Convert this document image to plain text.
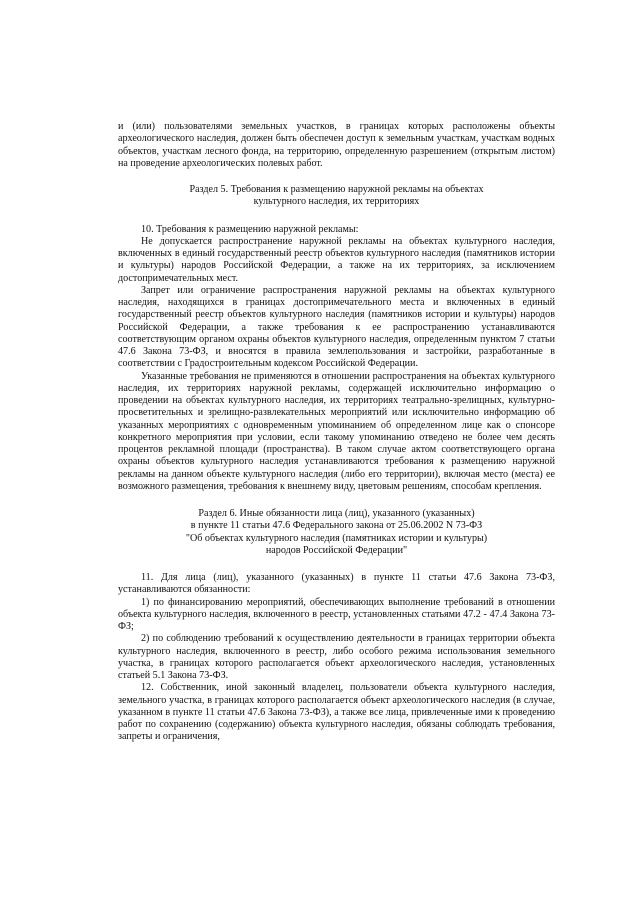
и (или) пользователями земельных участков, в границах которых расположены объекты археологического наследия, должен быть обеспечен доступ к земельным участкам, участкам водных объектов, участкам лесного фонда, на территорию, определенную разрешением (открытым листом) на проведение археологических полевых работ.

Раздел 5. Требования к размещению наружной рекламы на объектах

культурного наследия, их территориях

10. Требования к размещению наружной рекламы:

Не допускается распространение наружной рекламы на объектах культурного наследия, включенных в единый государственный реестр объектов культурного наследия (памятников истории и культуры) народов Российской Федерации, а также на их территориях, за исключением достопримечательных мест.

Запрет или ограничение распространения наружной рекламы на объектах культурного наследия, находящихся в границах достопримечательного места и включенных в единый государственный реестр объектов культурного наследия (памятников истории и культуры) народов Российской Федерации, а также требования к ее распространению устанавливаются соответствующим органом охраны объектов культурного наследия, определенным пунктом 7 статьи 47.6 Закона 73-ФЗ, и вносятся в правила землепользования и застройки, разработанные в соответствии с Градостроительным кодексом Российской Федерации.

Указанные требования не применяются в отношении распространения на объектах культурного наследия, их территориях наружной рекламы, содержащей исключительно информацию о проведении на объектах культурного наследия, их территориях театрально-зрелищных, культурно-просветительных и зрелищно-развлекательных мероприятий или исключительно информацию об указанных мероприятиях с одновременным упоминанием об определенном лице как о спонсоре конкретного мероприятия при условии, если такому упоминанию отведено не более чем десять процентов рекламной площади (пространства). В таком случае актом соответствующего органа охраны объектов культурного наследия устанавливаются требования к размещению наружной рекламы на данном объекте культурного наследия (либо его территории), включая место (места) ее возможного размещения, требования к внешнему виду, цветовым решениям, способам крепления.

Раздел 6. Иные обязанности лица (лиц), указанного (указанных)

в пункте 11 статьи 47.6 Федерального закона от 25.06.2002 N 73-ФЗ

"Об объектах культурного наследия (памятниках истории и культуры)

народов Российской Федерации"

11. Для лица (лиц), указанного (указанных) в пункте 11 статьи 47.6 Закона 73-ФЗ, устанавливаются обязанности:

1) по финансированию мероприятий, обеспечивающих выполнение требований в отношении объекта культурного наследия, включенного в реестр, установленных статьями 47.2 - 47.4 Закона 73-ФЗ;

2) по соблюдению требований к осуществлению деятельности в границах территории объекта культурного наследия, включенного в реестр, либо особого режима использования земельного участка, в границах которого располагается объект археологического наследия, установленных статьей 5.1 Закона 73-ФЗ.

12. Собственник, иной законный владелец, пользователи объекта культурного наследия, земельного участка, в границах которого располагается объект археологического наследия (в случае, указанном в пункте 11 статьи 47.6 Закона 73-ФЗ), а также все лица, привлеченные ими к проведению работ по сохранению (содержанию) объекта культурного наследия, обязаны соблюдать требования, запреты и ограничения,
